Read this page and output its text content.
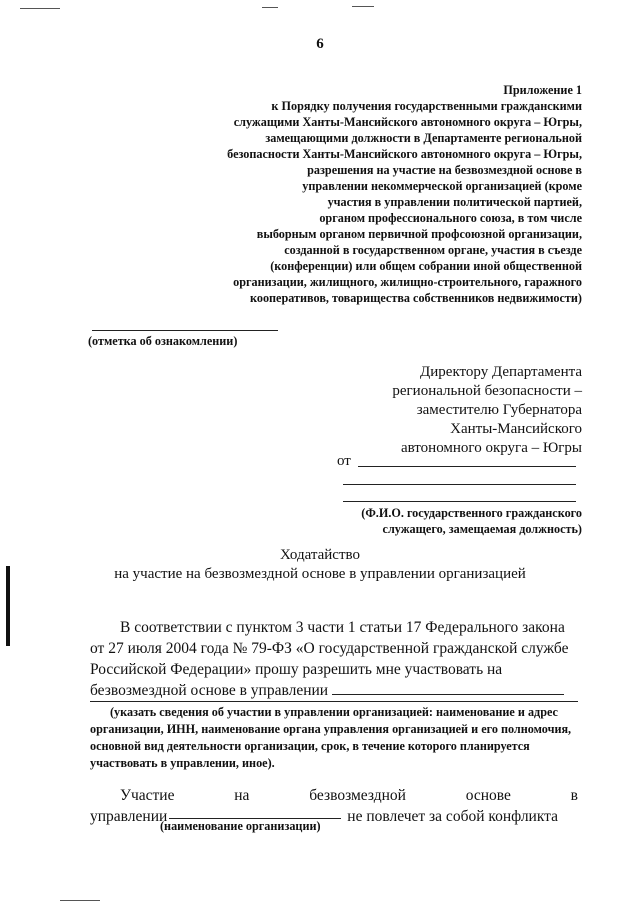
6
Приложение 1
к Порядку получения государственными гражданскими
служащими Ханты-Мансийского автономного округа – Югры,
замещающими должности в Департаменте региональной
безопасности Ханты-Мансийского автономного округа – Югры,
разрешения на участие на безвозмездной основе в
управлении некоммерческой организацией (кроме
участия в управлении политической партией,
органом профессионального союза, в том числе
выборным органом первичной профсоюзной организации,
созданной в государственном органе, участия в съезде
(конференции) или общем собрании иной общественной
организации, жилищного, жилищно-строительного, гаражного
кооперативов, товарищества собственников недвижимости)
(отметка об ознакомлении)
Директору Департамента
региональной безопасности –
заместителю Губернатора
Ханты-Мансийского
автономного округа – Югры
от
(Ф.И.О. государственного гражданского
служащего, замещаемая должность)
Ходатайство
на участие на безвозмездной основе в управлении организацией
В соответствии с пунктом 3 части 1 статьи 17 Федерального закона
от 27 июля 2004 года № 79-ФЗ «О государственной гражданской службе
Российской Федерации» прошу разрешить мне участвовать на
безвозмездной основе в управлении
(указать сведения об участии в управлении организацией: наименование и адрес
организации, ИНН, наименование органа управления организацией и его полномочия,
основной вид деятельности организации, срок, в течение которого планируется
участвовать в управлении, иное).
Участие	на	безвозмездной	основе	в
управлении	не повлечет за собой конфликта
(наименование организации)
